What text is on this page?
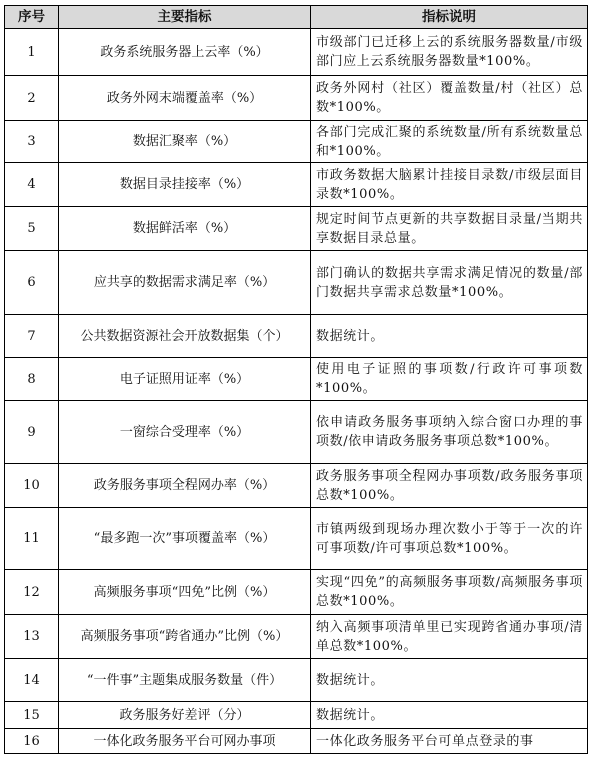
序号	主要指标	指标说明
1	政务系统服务器上云率（%）	市级部门已迁移上云的系统服务器数量/市级部门应上云系统服务器数量*100%。
2	政务外网末端覆盖率（%）	政务外网村（社区）覆盖数量/村（社区）总数*100%。
3	数据汇聚率（%）	各部门完成汇聚的系统数量/所有系统数量总和*100%。
4	数据目录挂接率（%）	市政务数据大脑累计挂接目录数/市级层面目录数*100%。
5	数据鲜活率（%）	规定时间节点更新的共享数据目录量/当期共享数据目录总量。
6	应共享的数据需求满足率（%）	部门确认的数据共享需求满足情况的数量/部门数据共享需求总数量*100%。
7	公共数据资源社会开放数据集（个）	数据统计。
8	电子证照用证率（%）	使用电子证照的事项数/行政许可事项数*100%。
9	一窗综合受理率（%）	依申请政务服务事项纳入综合窗口办理的事项数/依申请政务服务事项总数*100%。
10	政务服务事项全程网办率（%）	政务服务事项全程网办事项数/政务服务事项总数*100%。
11	“最多跑一次”事项覆盖率（%）	市镇两级到现场办理次数小于等于一次的许可事项数/许可事项总数*100%。
12	高频服务事项“四免”比例（%）	实现“四免”的高频服务事项数/高频服务事项总数*100%。
13	高频服务事项“跨省通办”比例（%）	纳入高频事项清单里已实现跨省通办事项/清单总数*100%。
14	“一件事”主题集成服务数量（件）	数据统计。
15	政务服务好差评（分）	数据统计。
16	一体化政务服务平台可网办事项	一体化政务服务平台可单点登录的事
